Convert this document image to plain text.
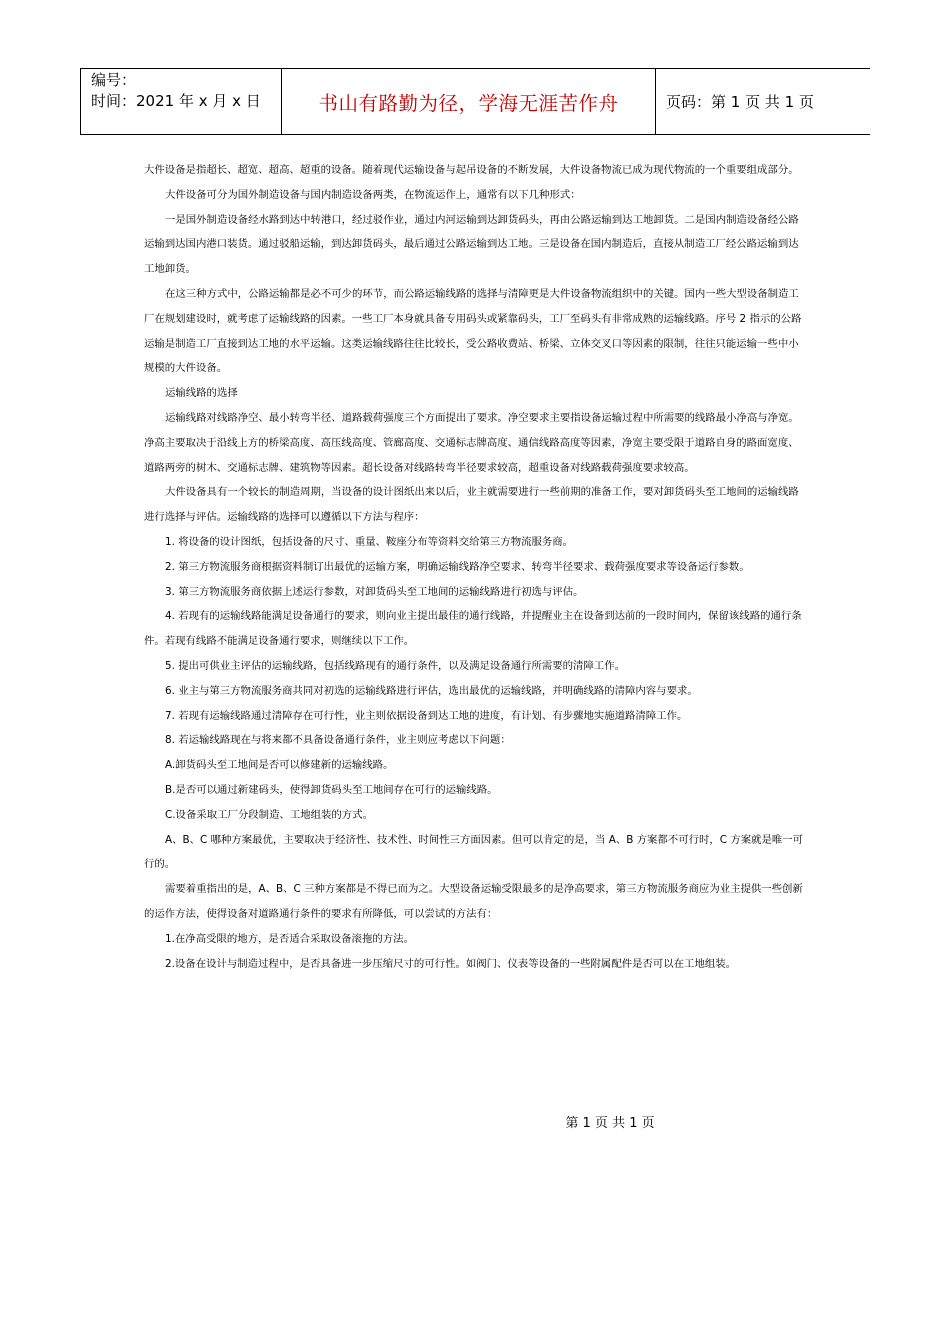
编号：
时间：2021 年 x 月 x 日	书山有路勤为径，学海无涯苦作舟	页码：第 1 页 共 1 页

大件设备是指超长、超宽、超高、超重的设备。随着现代运输设备与起吊设备的不断发展，大件设备物流已成为现代物流的一个重要组成部分。

大件设备可分为国外制造设备与国内制造设备两类，在物流运作上，通常有以下几种形式：

一是国外制造设备经水路到达中转港口，经过驳作业，通过内河运输到达卸货码头，再由公路运输到达工地卸货。二是国内制造设备经公路运输到达国内港口装货。通过驳船运输，到达卸货码头，最后通过公路运输到达工地。三是设备在国内制造后，直接从制造工厂经公路运输到达工地卸货。

在这三种方式中，公路运输都是必不可少的环节，而公路运输线路的选择与清障更是大件设备物流组织中的关键。国内一些大型设备制造工厂在规划建设时，就考虑了运输线路的因素。一些工厂本身就具备专用码头或紧靠码头，工厂至码头有非常成熟的运输线路。序号 2 指示的公路运输是制造工厂直接到达工地的水平运输。这类运输线路往往比较长，受公路收费站、桥梁、立体交叉口等因素的限制，往往只能运输一些中小规模的大件设备。

运输线路的选择

运输线路对线路净空、最小转弯半径、道路载荷强度三个方面提出了要求。净空要求主要指设备运输过程中所需要的线路最小净高与净宽。净高主要取决于沿线上方的桥梁高度、高压线高度、管廊高度、交通标志牌高度、通信线路高度等因素，净宽主要受限于道路自身的路面宽度、道路两旁的树木、交通标志牌、建筑物等因素。超长设备对线路转弯半径要求较高，超重设备对线路载荷强度要求较高。

大件设备具有一个较长的制造周期，当设备的设计图纸出来以后，业主就需要进行一些前期的准备工作，要对卸货码头至工地间的运输线路进行选择与评估。运输线路的选择可以遵循以下方法与程序：

1. 将设备的设计图纸，包括设备的尺寸、重量、鞍座分布等资料交给第三方物流服务商。

2. 第三方物流服务商根据资料制订出最优的运输方案，明确运输线路净空要求、转弯半径要求、载荷强度要求等设备运行参数。

3. 第三方物流服务商依据上述运行参数，对卸货码头至工地间的运输线路进行初选与评估。

4. 若现有的运输线路能满足设备通行的要求，则向业主提出最佳的通行线路，并提醒业主在设备到达前的一段时间内，保留该线路的通行条件。若现有线路不能满足设备通行要求，则继续以下工作。

5. 提出可供业主评估的运输线路，包括线路现有的通行条件，以及满足设备通行所需要的清障工作。

6. 业主与第三方物流服务商共同对初选的运输线路进行评估，选出最优的运输线路，并明确线路的清障内容与要求。

7. 若现有运输线路通过清障存在可行性，业主则依据设备到达工地的进度，有计划、有步骤地实施道路清障工作。

8. 若运输线路现在与将来都不具备设备通行条件，业主则应考虑以下问题：

A.卸货码头至工地间是否可以修建新的运输线路。

B.是否可以通过新建码头，使得卸货码头至工地间存在可行的运输线路。

C.设备采取工厂分段制造、工地组装的方式。

A、B、C 哪种方案最优，主要取决于经济性、技术性、时间性三方面因素。但可以肯定的是，当 A、B 方案都不可行时，C 方案就是唯一可行的。

需要着重指出的是，A、B、C 三种方案都是不得已而为之。大型设备运输受限最多的是净高要求，第三方物流服务商应为业主提供一些创新的运作方法，使得设备对道路通行条件的要求有所降低，可以尝试的方法有：

1.在净高受限的地方，是否适合采取设备滚拖的方法。

2.设备在设计与制造过程中，是否具备进一步压缩尺寸的可行性。如阀门、仪表等设备的一些附属配件是否可以在工地组装。

第 1 页 共 1 页
